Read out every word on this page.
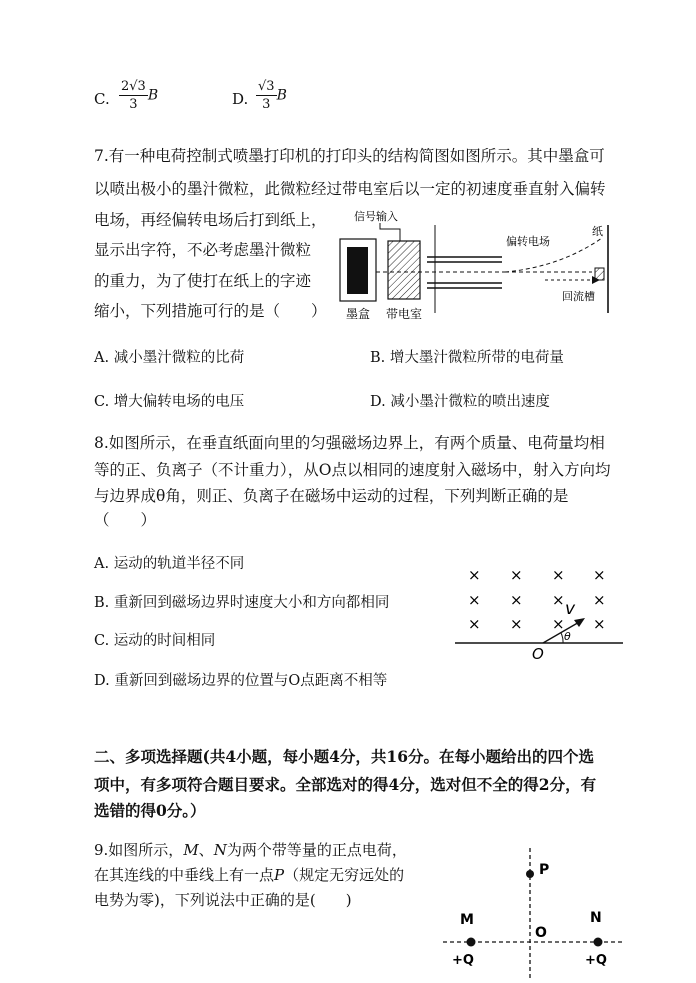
C. $\frac{2√3}{3}$ B	D. $\frac{√3}{3}$ B
7.有一种电荷控制式喷墨打印机的打印头的结构简图如图所示。其中墨盒可
以喷出极小的墨汁微粒，此微粒经过带电室后以一定的初速度垂直射入偏转
电场，再经偏转电场后打到纸上，
显示出字符，不必考虑墨汁微粒
的重力，为了使打在纸上的字迹
缩小，下列措施可行的是（　　）
信号输入
偏转电场
纸
回流槽
墨盒 带电室
A. 减小墨汁微粒的比荷	B. 增大墨汁微粒所带的电荷量
C. 增大偏转电场的电压	D. 减小墨汁微粒的喷出速度
8.如图所示，在垂直纸面向里的匀强磁场边界上，有两个质量、电荷量均相
等的正、负离子（不计重力），从O点以相同的速度射入磁场中，射入方向均
与边界成θ角，则正、负离子在磁场中运动的过程，下列判断正确的是
（　　）
A. 运动的轨道半径不同
B. 重新回到磁场边界时速度大小和方向都相同
C. 运动的时间相同
D. 重新回到磁场边界的位置与O点距离不相等
× × × ×
× × × ×
× × × ×
v
θ
O
二、多项选择题(共4小题，每小题4分，共16分。在每小题给出的四个选
项中，有多项符合题目要求。全部选对的得4分，选对但不全的得2分，有
选错的得0分。）
9.如图所示，M、N为两个带等量的正点电荷，
在其连线的中垂线上有一点P（规定无穷远处的
电势为零)，下列说法中正确的是(　　)
P
M	N
O
+Q	+Q
